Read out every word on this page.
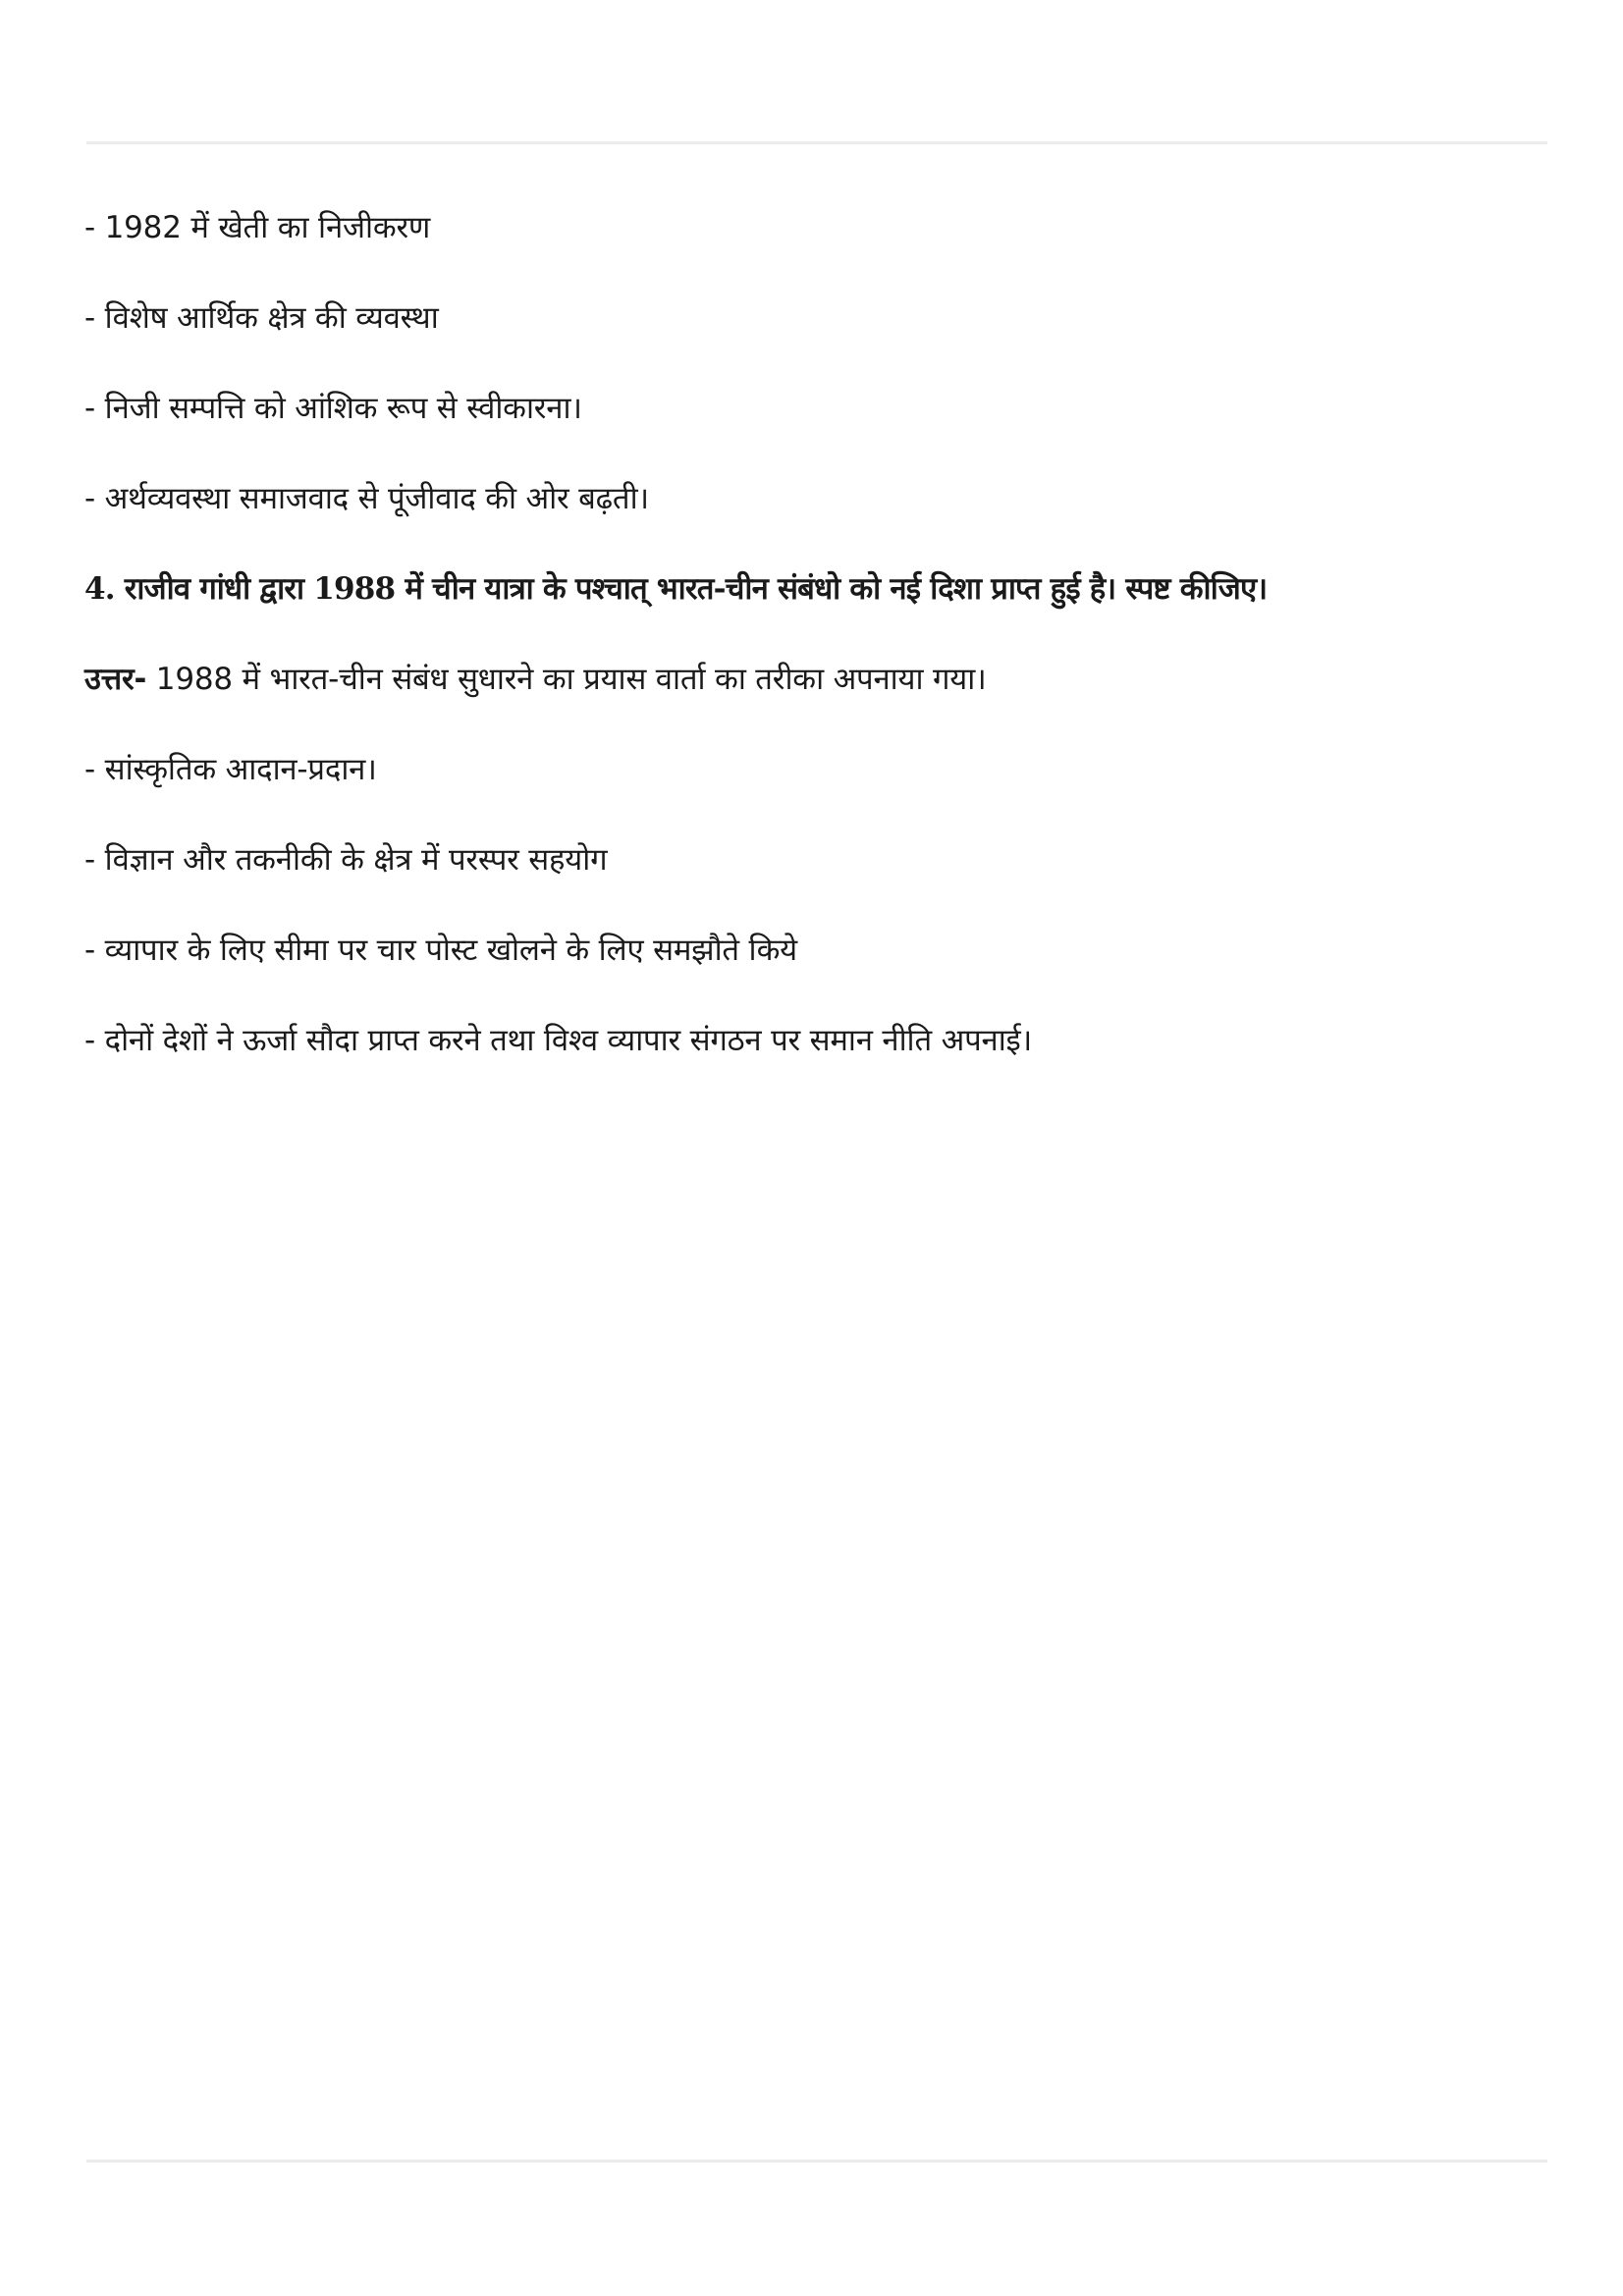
- 1982 में खेती का निजीकरण

- विशेष आर्थिक क्षेत्र की व्यवस्था

- निजी सम्पत्ति को आंशिक रूप से स्वीकारना।

- अर्थव्यवस्था समाजवाद से पूंजीवाद की ओर बढ़ती।

4. राजीव गांधी द्वारा 1988 में चीन यात्रा के पश्चात् भारत-चीन संबंधो को नई दिशा प्राप्त हुई है। स्पष्ट कीजिए।

उत्तर- 1988 में भारत-चीन संबंध सुधारने का प्रयास वार्ता का तरीका अपनाया गया।

- सांस्कृतिक आदान-प्रदान।

- विज्ञान और तकनीकी के क्षेत्र में परस्पर सहयोग

- व्यापार के लिए सीमा पर चार पोस्ट खोलने के लिए समझौते किये

- दोनों देशों ने ऊर्जा सौदा प्राप्त करने तथा विश्व व्यापार संगठन पर समान नीति अपनाई।
